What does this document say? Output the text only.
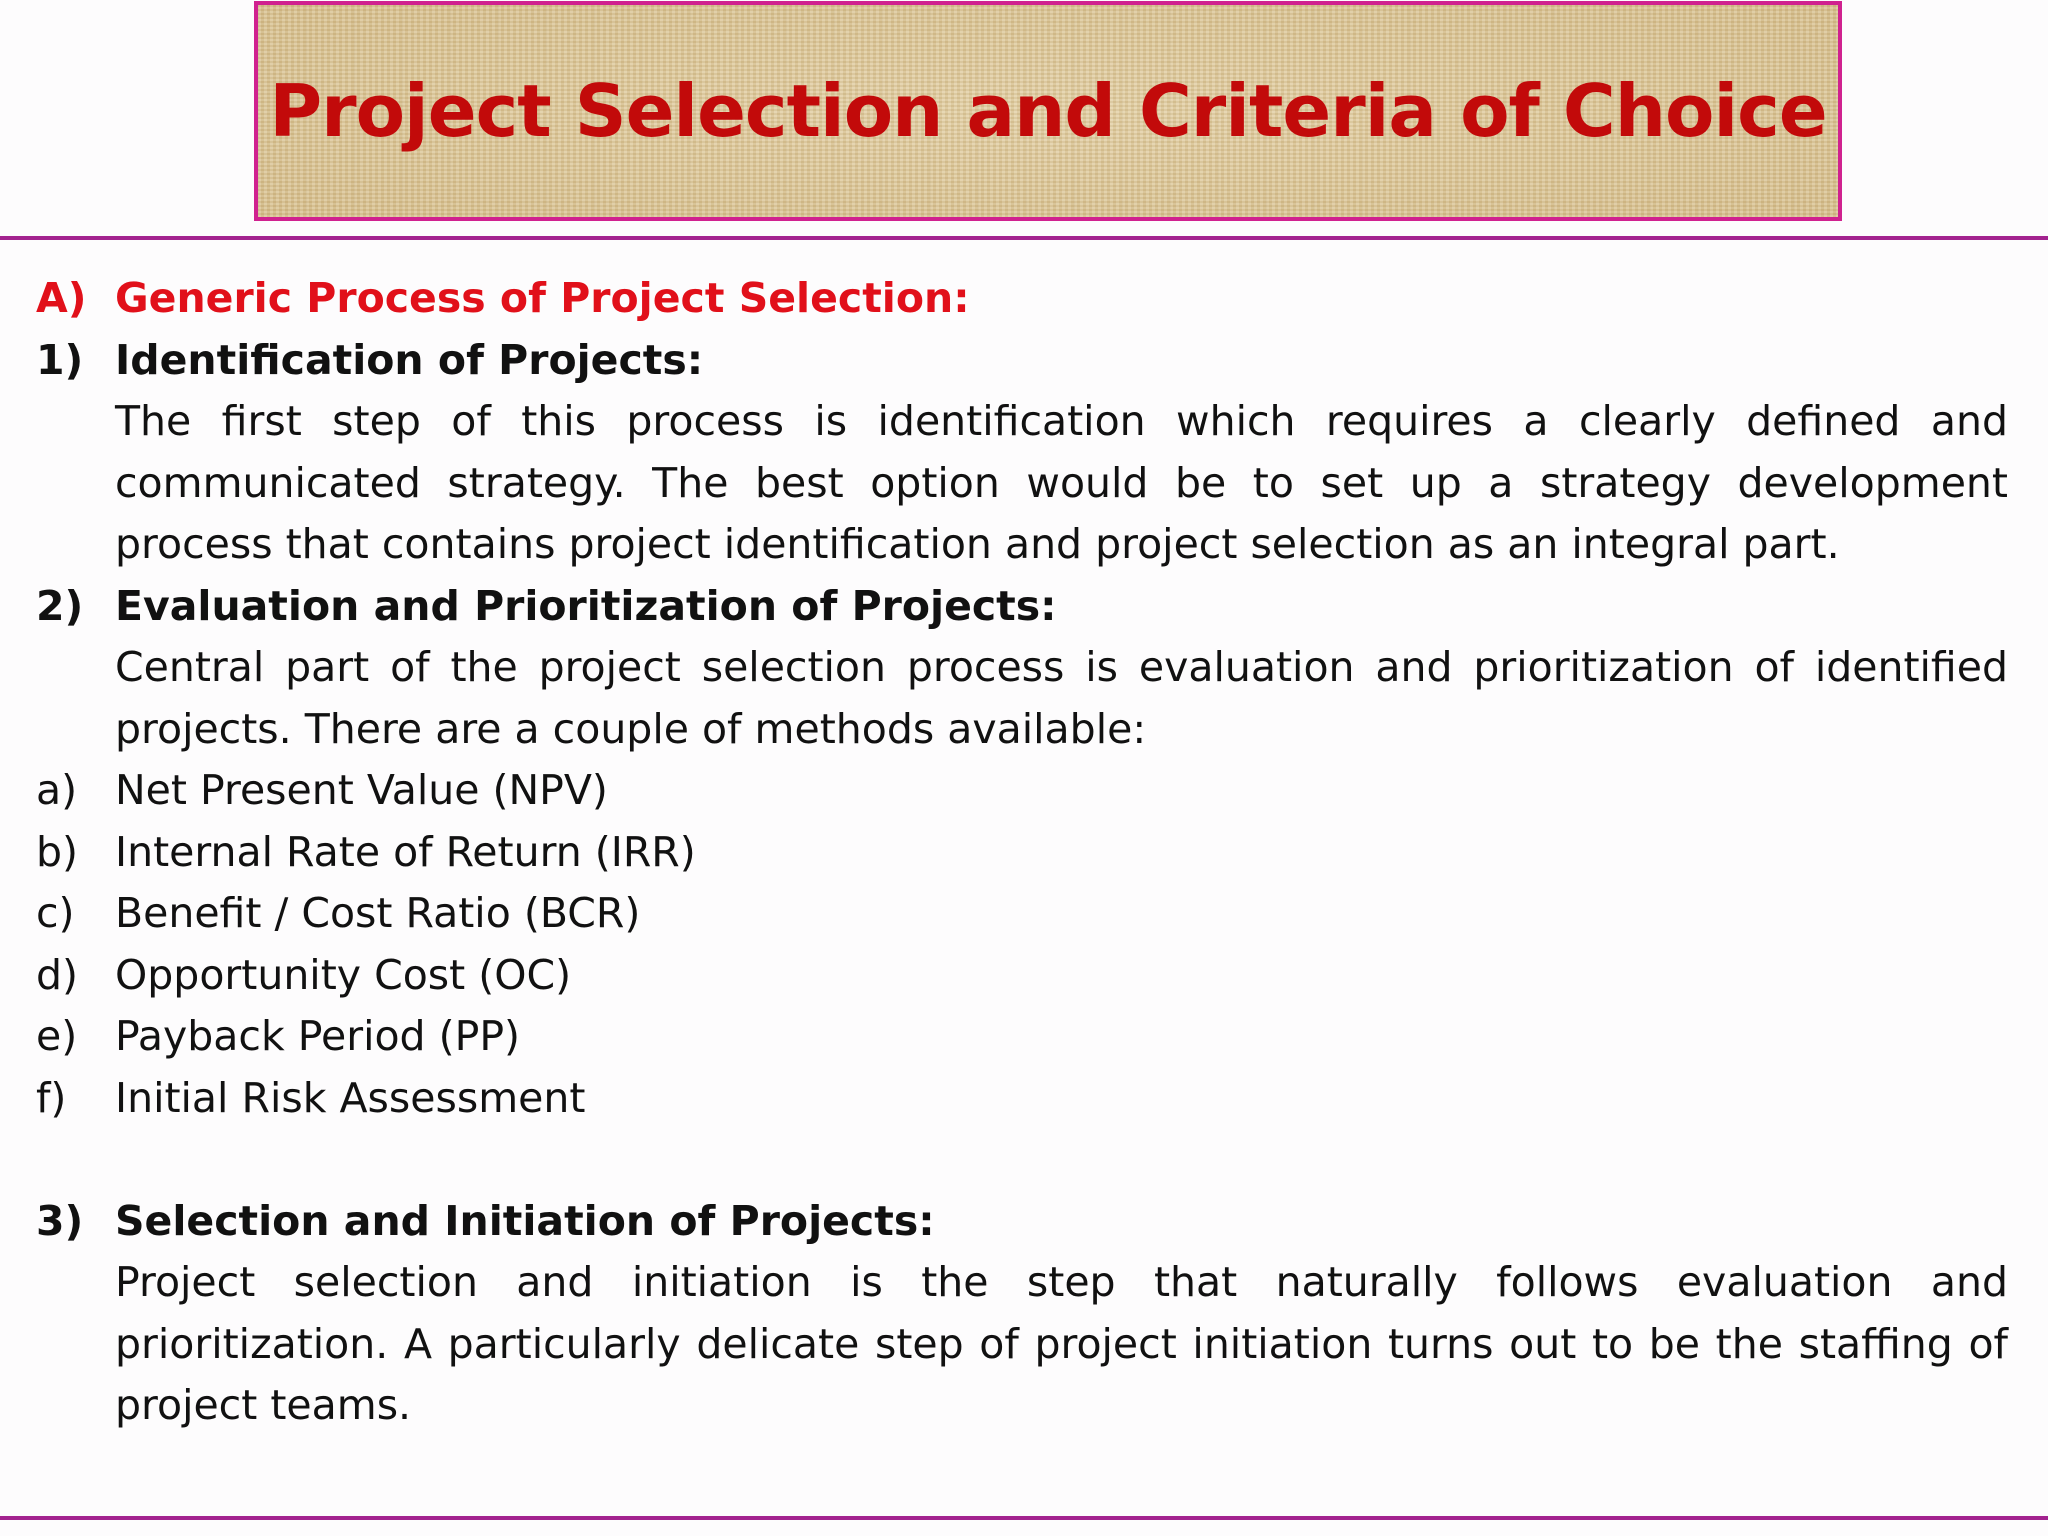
Project Selection and Criteria of Choice
A) Generic Process of Project Selection:
1) Identification of Projects:
The first step of this process is identification which requires a clearly defined and communicated strategy. The best option would be to set up a strategy development process that contains project identification and project selection as an integral part.
2) Evaluation and Prioritization of Projects:
Central part of the project selection process is evaluation and prioritization of identified projects. There are a couple of methods available:
a) Net Present Value (NPV)
b) Internal Rate of Return (IRR)
c) Benefit / Cost Ratio (BCR)
d) Opportunity Cost (OC)
e) Payback Period (PP)
f)	Initial Risk Assessment
3) Selection and Initiation of Projects:
Project selection and initiation is the step that naturally follows evaluation and prioritization. A particularly delicate step of project initiation turns out to be the staffing of project teams.
